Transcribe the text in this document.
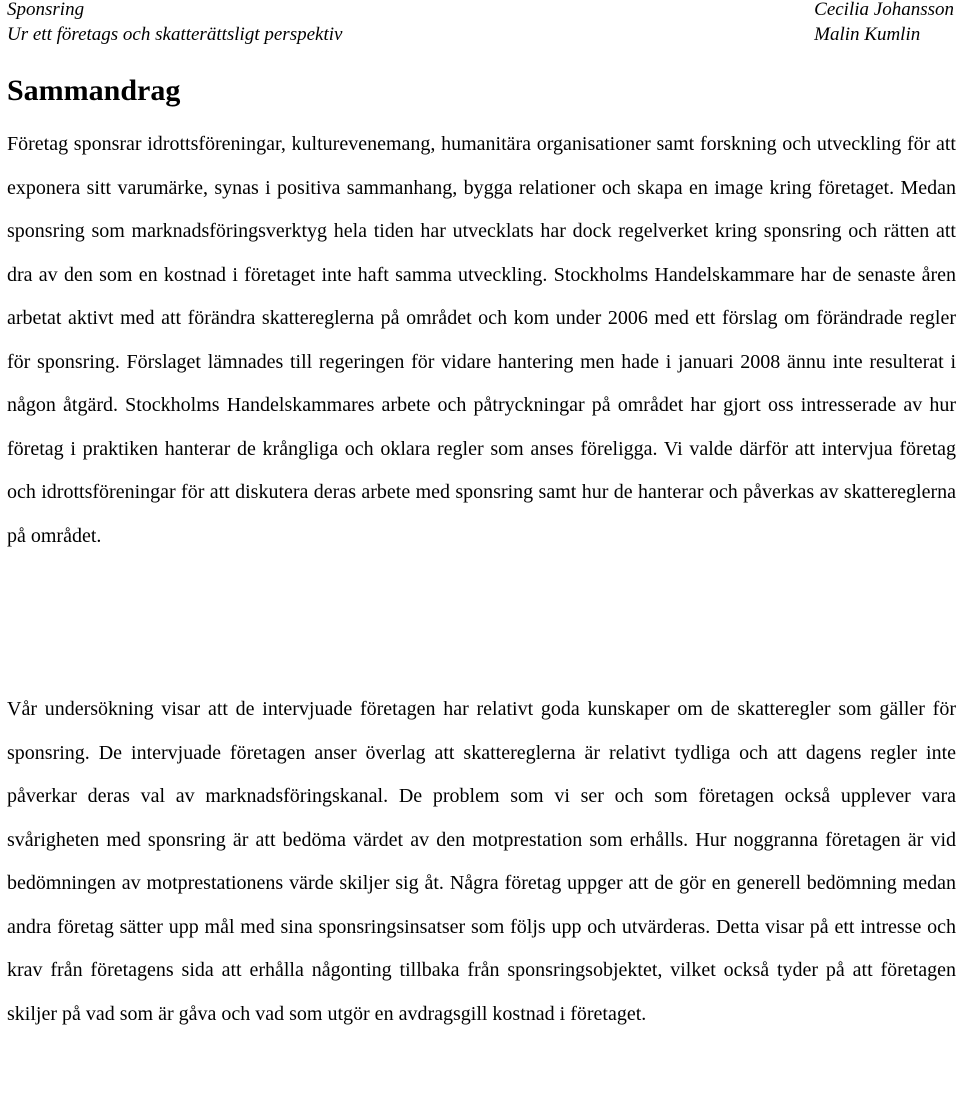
Sponsring
Ur ett företags och skatterättsligt perspektiv
Cecilia Johansson
Malin Kumlin
Sammandrag

Företag sponsrar idrottsföreningar, kulturevenemang, humanitära organisationer samt forskning och utveckling för att exponera sitt varumärke, synas i positiva sammanhang, bygga relationer och skapa en image kring företaget. Medan sponsring som marknadsföringsverktyg hela tiden har utvecklats har dock regelverket kring sponsring och rätten att dra av den som en kostnad i företaget inte haft samma utveckling. Stockholms Handelskammare har de senaste åren arbetat aktivt med att förändra skattereglerna på området och kom under 2006 med ett förslag om förändrade regler för sponsring. Förslaget lämnades till regeringen för vidare hantering men hade i januari 2008 ännu inte resulterat i någon åtgärd. Stockholms Handelskammares arbete och påtryckningar på området har gjort oss intresserade av hur företag i praktiken hanterar de krångliga och oklara regler som anses föreligga. Vi valde därför att intervjua företag och idrottsföreningar för att diskutera deras arbete med sponsring samt hur de hanterar och påverkas av skattereglerna på området.

Vår undersökning visar att de intervjuade företagen har relativt goda kunskaper om de skatteregler som gäller för sponsring. De intervjuade företagen anser överlag att skattereglerna är relativt tydliga och att dagens regler inte påverkar deras val av marknadsföringskanal. De problem som vi ser och som företagen också upplever vara svårigheten med sponsring är att bedöma värdet av den motprestation som erhålls. Hur noggranna företagen är vid bedömningen av motprestationens värde skiljer sig åt. Några företag uppger att de gör en generell bedömning medan andra företag sätter upp mål med sina sponsringsinsatser som följs upp och utvärderas. Detta visar på ett intresse och krav från företagens sida att erhålla någonting tillbaka från sponsringsobjektet, vilket också tyder på att företagen skiljer på vad som är gåva och vad som utgör en avdragsgill kostnad i företaget.
